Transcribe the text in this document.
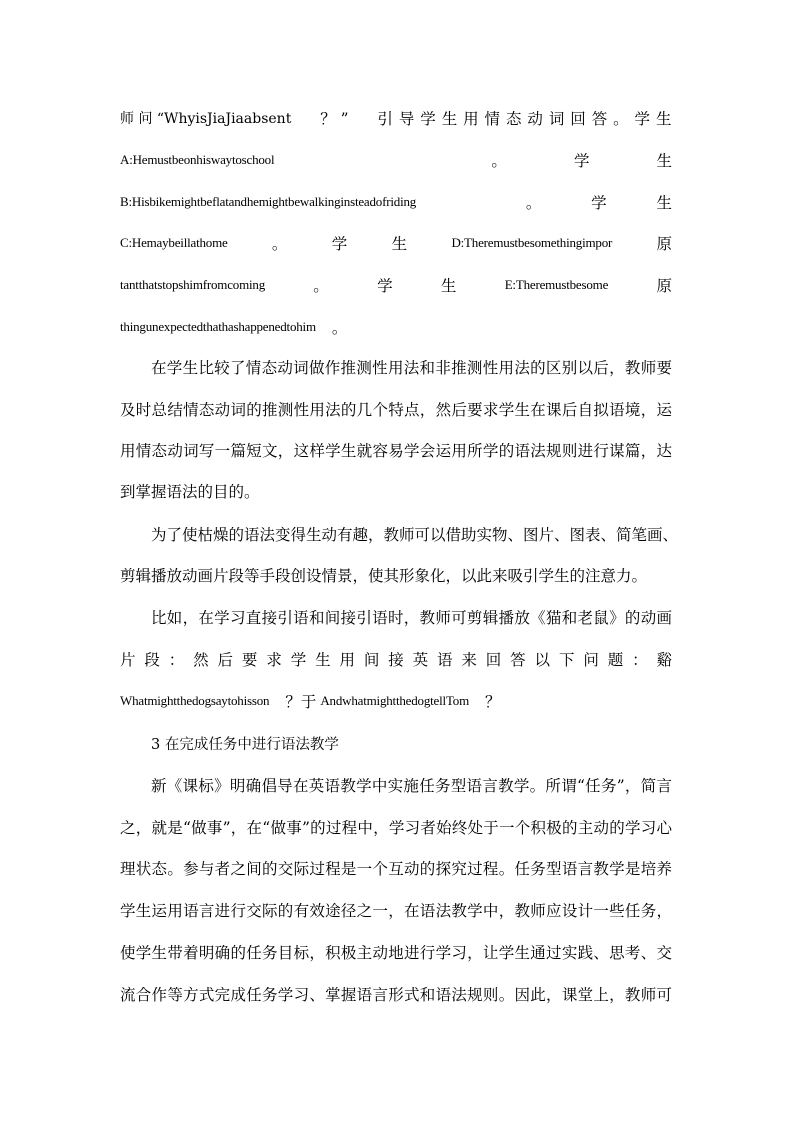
师 问 “WhyisJiaJiaabsent ？ ” 引 导 学 生 用 情 态 动 词 回 答 。 学 生
A:Hemustbeonhiswaytoschool	。	学	生
B:Hisbikemightbeflatandhemightbewalkinginsteadofriding	。	学	生
C:Hemaybeillathome	。	学	生	D:Theremustbesomethingimpor	原
tantthatstopshimfromcoming	。	学	生	E:Theremustbesome	原
thingunexpectedthathashappenedtohim 。
在学生比较了情态动词做作推测性用法和非推测性用法的区别以后，教师要
及时总结情态动词的推测性用法的几个特点，然后要求学生在课后自拟语境，运
用情态动词写一篇短文，这样学生就容易学会运用所学的语法规则进行谋篇，达
到掌握语法的目的。
为了使枯燥的语法变得生动有趣，教师可以借助实物、图片、图表、简笔画、
剪辑播放动画片段等手段创设情景，使其形象化，以此来吸引学生的注意力。
比如，在学习直接引语和间接引语时，教师可剪辑播放《猫和老鼠》的动画
片 段 ： 然 后 要 求 学 生 用 间 接 英 语 来 回 答 以 下 问 题 ： 谿
Whatmightthedogsaytohisson ？于 AndwhatmightthedogtellTom ？
3 在完成任务中进行语法教学
新《课标》明确倡导在英语教学中实施任务型语言教学。所谓“任务”，简言
之，就是“做事”，在“做事”的过程中，学习者始终处于一个积极的主动的学习心
理状态。参与者之间的交际过程是一个互动的探究过程。任务型语言教学是培养
学生运用语言进行交际的有效途径之一，在语法教学中，教师应设计一些任务，
使学生带着明确的任务目标，积极主动地进行学习，让学生通过实践、思考、交
流合作等方式完成任务学习、掌握语言形式和语法规则。因此，课堂上，教师可
